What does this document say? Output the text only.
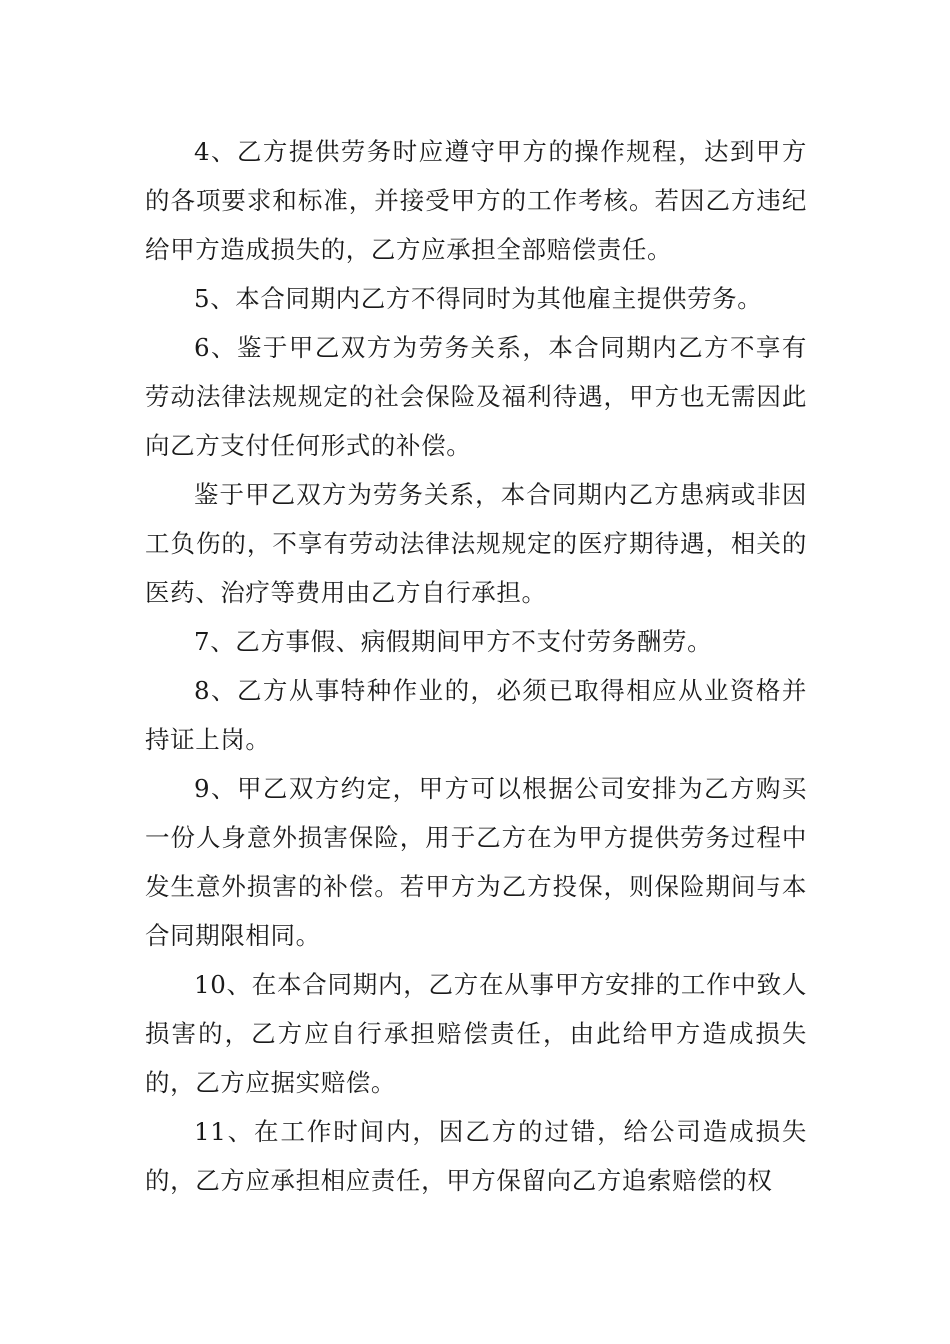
4、乙方提供劳务时应遵守甲方的操作规程，达到甲方的各项要求和标准，并接受甲方的工作考核。若因乙方违纪给甲方造成损失的，乙方应承担全部赔偿责任。

5、本合同期内乙方不得同时为其他雇主提供劳务。

6、鉴于甲乙双方为劳务关系，本合同期内乙方不享有劳动法律法规规定的社会保险及福利待遇，甲方也无需因此向乙方支付任何形式的补偿。

鉴于甲乙双方为劳务关系，本合同期内乙方患病或非因工负伤的，不享有劳动法律法规规定的医疗期待遇，相关的医药、治疗等费用由乙方自行承担。

7、乙方事假、病假期间甲方不支付劳务酬劳。

8、乙方从事特种作业的，必须已取得相应从业资格并持证上岗。

9、甲乙双方约定，甲方可以根据公司安排为乙方购买一份人身意外损害保险，用于乙方在为甲方提供劳务过程中发生意外损害的补偿。若甲方为乙方投保，则保险期间与本合同期限相同。

10、在本合同期内，乙方在从事甲方安排的工作中致人损害的，乙方应自行承担赔偿责任，由此给甲方造成损失的，乙方应据实赔偿。

11、在工作时间内，因乙方的过错，给公司造成损失的，乙方应承担相应责任，甲方保留向乙方追索赔偿的权
